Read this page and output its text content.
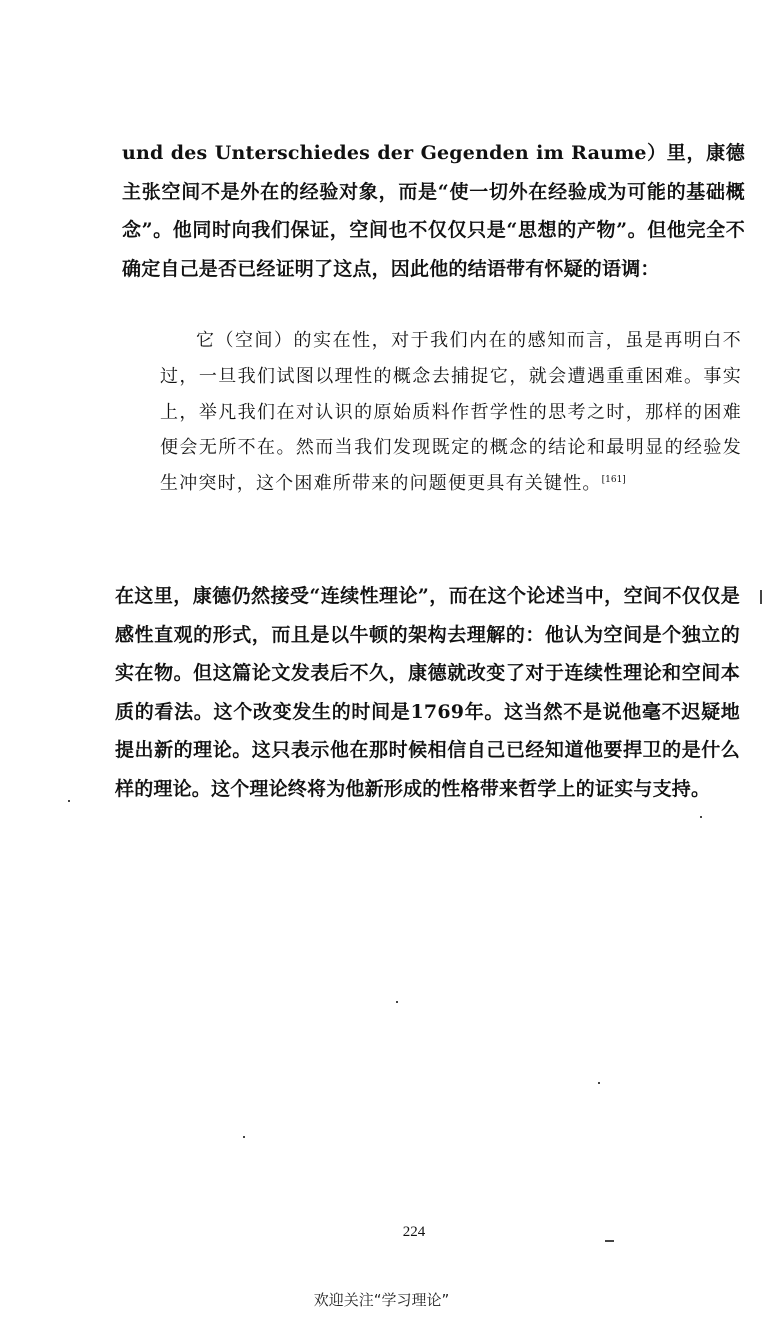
und des Unterschiedes der Gegenden im Raume）里，康德主张空间不是外在的经验对象，而是“使一切外在经验成为可能的基础概念”。他同时向我们保证，空间也不仅仅只是“思想的产物”。但他完全不确定自己是否已经证明了这点，因此他的结语带有怀疑的语调：

它（空间）的实在性，对于我们内在的感知而言，虽是再明白不过，一旦我们试图以理性的概念去捕捉它，就会遭遇重重困难。事实上，举凡我们在对认识的原始质料作哲学性的思考之时，那样的困难便会无所不在。然而当我们发现既定的概念的结论和最明显的经验发生冲突时，这个困难所带来的问题便更具有关键性。[161]

在这里，康德仍然接受“连续性理论”，而在这个论述当中，空间不仅仅是感性直观的形式，而且是以牛顿的架构去理解的：他认为空间是个独立的实在物。但这篇论文发表后不久，康德就改变了对于连续性理论和空间本质的看法。这个改变发生的时间是1769年。这当然不是说他毫不迟疑地提出新的理论。这只表示他在那时候相信自己已经知道他要捍卫的是什么样的理论。这个理论终将为他新形成的性格带来哲学上的证实与支持。

224
欢迎关注“学习理论”
